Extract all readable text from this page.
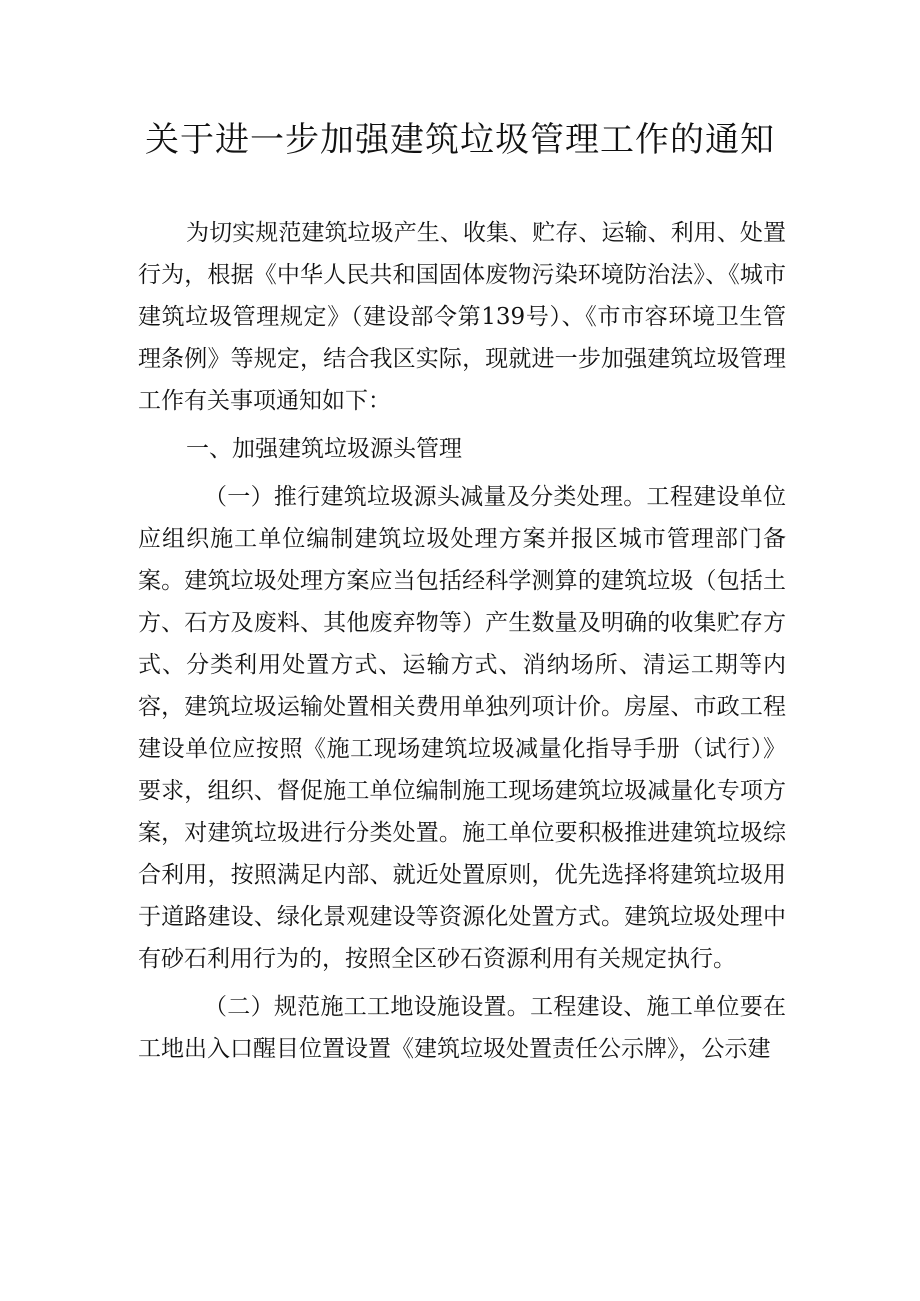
关于进一步加强建筑垃圾管理工作的通知

为切实规范建筑垃圾产生、收集、贮存、运输、利用、处置行为，根据《中华人民共和国固体废物污染环境防治法》、《城市建筑垃圾管理规定》（建设部令第139号）、《市市容环境卫生管理条例》等规定，结合我区实际，现就进一步加强建筑垃圾管理工作有关事项通知如下：

一、加强建筑垃圾源头管理

（一）推行建筑垃圾源头减量及分类处理。工程建设单位应组织施工单位编制建筑垃圾处理方案并报区城市管理部门备案。建筑垃圾处理方案应当包括经科学测算的建筑垃圾（包括土方、石方及废料、其他废弃物等）产生数量及明确的收集贮存方式、分类利用处置方式、运输方式、消纳场所、清运工期等内容，建筑垃圾运输处置相关费用单独列项计价。房屋、市政工程建设单位应按照《施工现场建筑垃圾减量化指导手册（试行）》要求，组织、督促施工单位编制施工现场建筑垃圾减量化专项方案，对建筑垃圾进行分类处置。施工单位要积极推进建筑垃圾综合利用，按照满足内部、就近处置原则，优先选择将建筑垃圾用于道路建设、绿化景观建设等资源化处置方式。建筑垃圾处理中有砂石利用行为的，按照全区砂石资源利用有关规定执行。

（二）规范施工工地设施设置。工程建设、施工单位要在工地出入口醒目位置设置《建筑垃圾处置责任公示牌》，公示建
